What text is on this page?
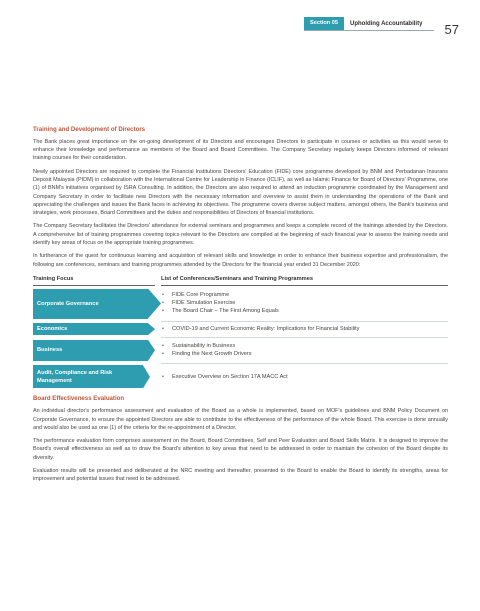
Section 05	Upholding Accountability 57
Training and Development of Directors

The Bank places great importance on the on-going development of its Directors and encourages Directors to participate in courses or activities as this would serve to enhance their knowledge and performance as members of the Board and Board Committees. The Company Secretary regularly keeps Directors informed of relevant training courses for their consideration.

Newly appointed Directors are required to complete the Financial Institutions Directors' Education (FIDE) core programme developed by BNM and Perbadanan Insurans Deposit Malaysia (PIDM) in collaboration with the International Centre for Leadership in Finance (ICLIF), as well as Islamic Finance for Board of Directors' Programme, one (1) of BNM's initiatives organised by ISRA Consulting. In addition, the Directors are also required to attend an induction programme coordinated by the Management and Company Secretary in order to facilitate new Directors with the necessary information and overview to assist them in understanding the operations of the Bank and appreciating the challenges and issues the Bank faces in achieving its objectives. The programme covers diverse subject matters, amongst others, the Bank's business and strategies, work processes, Board Committees and the duties and responsibilities of Directors of financial institutions.

The Company Secretary facilitates the Directors' attendance for external seminars and programmes and keeps a complete record of the trainings attended by the Directors. A comprehensive list of training programmes covering topics relevant to the Directors are compiled at the beginning of each financial year to assess the training needs and identify key areas of focus on the appropriate training programmes.

In furtherance of the quest for continuous learning and acquisition of relevant skills and knowledge in order to enhance their business expertise and professionalism, the following are conferences, seminars and training programmes attended by the Directors for the financial year ended 31 December 2020:

Training Focus	List of Conferences/Seminars and Training Programmes
Corporate Governance
•	FIDE Core Programme
•	FIDE Simulation Exercise
•	The Board Chair – The First Among Equals
Economics	•	COVID-19 and Current Economic Reality: Implications for Financial Stability
Business
•	Sustainability in Business
•	Finding the Next Growth Drivers
Audit, Compliance and Risk Management
•	Executive Overview on Section 17A MACC Act
Board Effectiveness Evaluation

An individual director's performance assessment and evaluation of the Board as a whole is implemented, based on MOF's guidelines and BNM Policy Document on Corporate Governance, to ensure the appointed Directors are able to contribute to the effectiveness of the performance of the whole Board. This exercise is done annually and would also be used as one (1) of the criteria for the re-appointment of a Director.

The performance evaluation form comprises assessment on the Board, Board Committees, Self and Peer Evaluation and Board Skills Matrix. It is designed to improve the Board's overall effectiveness as well as to draw the Board's attention to key areas that need to be addressed in order to maintain the cohesion of the Board despite its diversity.

Evaluation results will be presented and deliberated at the NRC meeting and thereafter, presented to the Board to enable the Board to identify its strengths, areas for improvement and potential issues that need to be addressed.
